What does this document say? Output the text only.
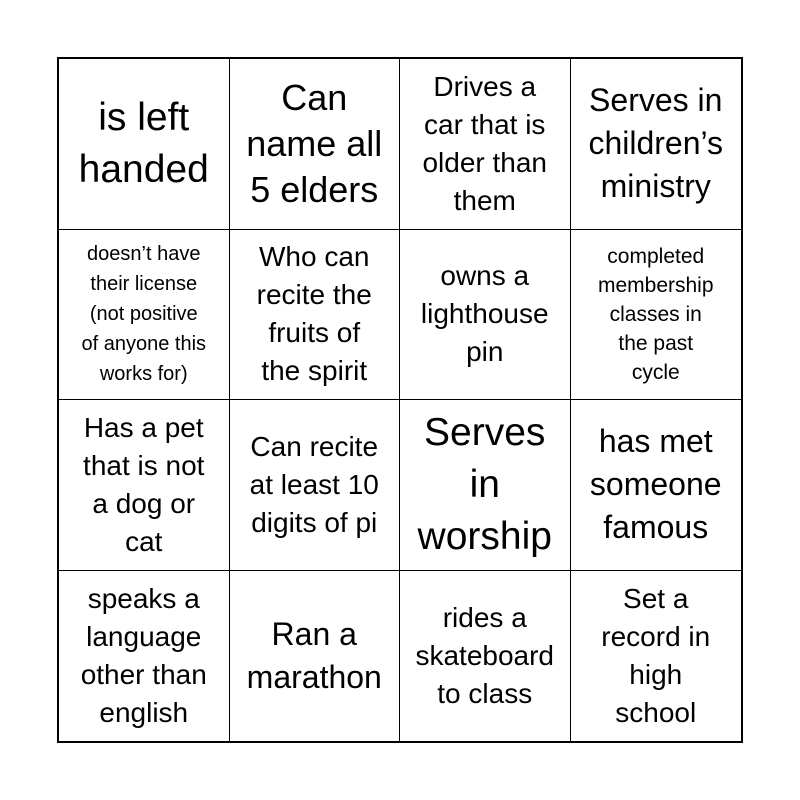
is left
handed
Can
name all
5 elders
Drives a
car that is
older than
them
Serves in
children’s
ministry
doesn’t have
their license
(not positive
of anyone this
works for)
Who can
recite the
fruits of
the spirit
owns a
lighthouse
pin
completed
membership
classes in
the past
cycle
Has a pet
that is not
a dog or
cat
Can recite
at least 10
digits of pi
Serves
in
worship
has met
someone
famous
speaks a
language
other than
english
Ran a
marathon
rides a
skateboard
to class
Set a
record in
high
school
